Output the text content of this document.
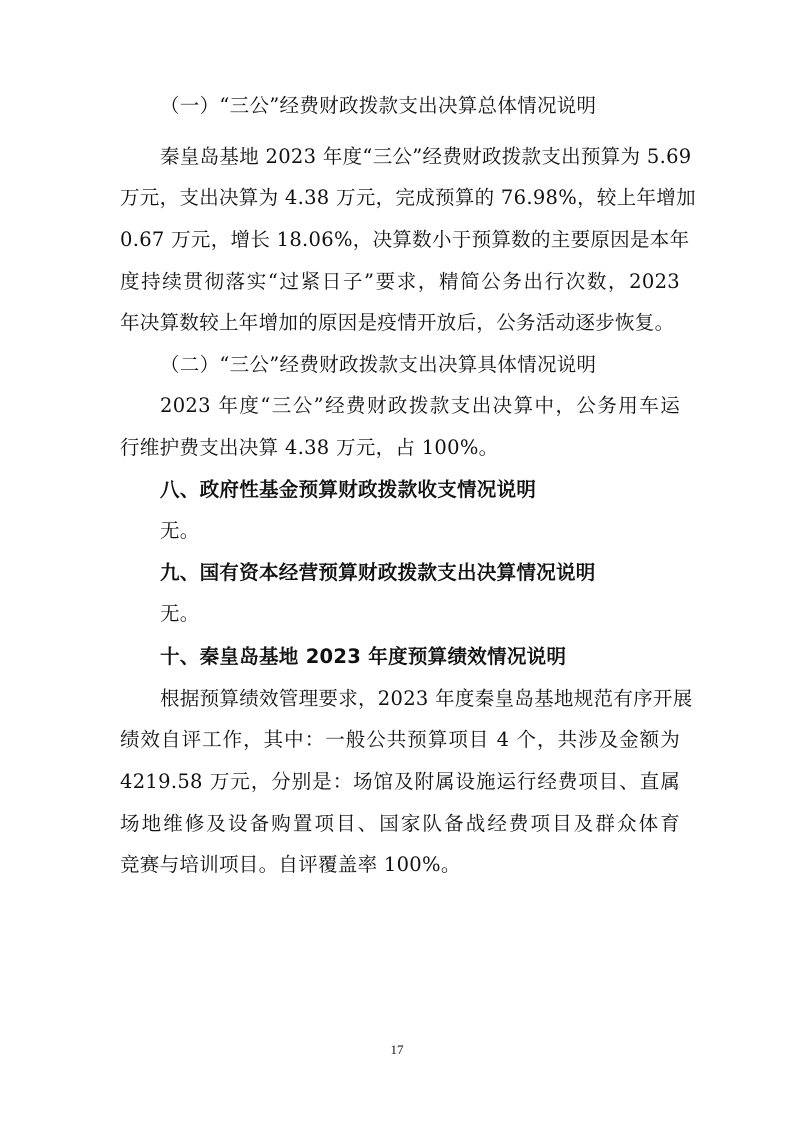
（一）“三公”经费财政拨款支出决算总体情况说明

秦皇岛基地 2023 年度“三公”经费财政拨款支出预算为 5.69

万元，支出决算为 4.38 万元，完成预算的 76.98%，较上年增加

0.67 万元，增长 18.06%，决算数小于预算数的主要原因是本年

度持续贯彻落实“过紧日子”要求，精简公务出行次数，2023

年决算数较上年增加的原因是疫情开放后，公务活动逐步恢复。

（二）“三公”经费财政拨款支出决算具体情况说明

2023 年度“三公”经费财政拨款支出决算中，公务用车运

行维护费支出决算 4.38 万元，占 100%。

八、政府性基金预算财政拨款收支情况说明

无。

九、国有资本经营预算财政拨款支出决算情况说明

无。

十、秦皇岛基地 2023 年度预算绩效情况说明

根据预算绩效管理要求，2023 年度秦皇岛基地规范有序开展

绩效自评工作，其中：一般公共预算项目 4 个，共涉及金额为

4219.58 万元，分别是：场馆及附属设施运行经费项目、直属

场地维修及设备购置项目、国家队备战经费项目及群众体育

竞赛与培训项目。自评覆盖率 100%。

17
